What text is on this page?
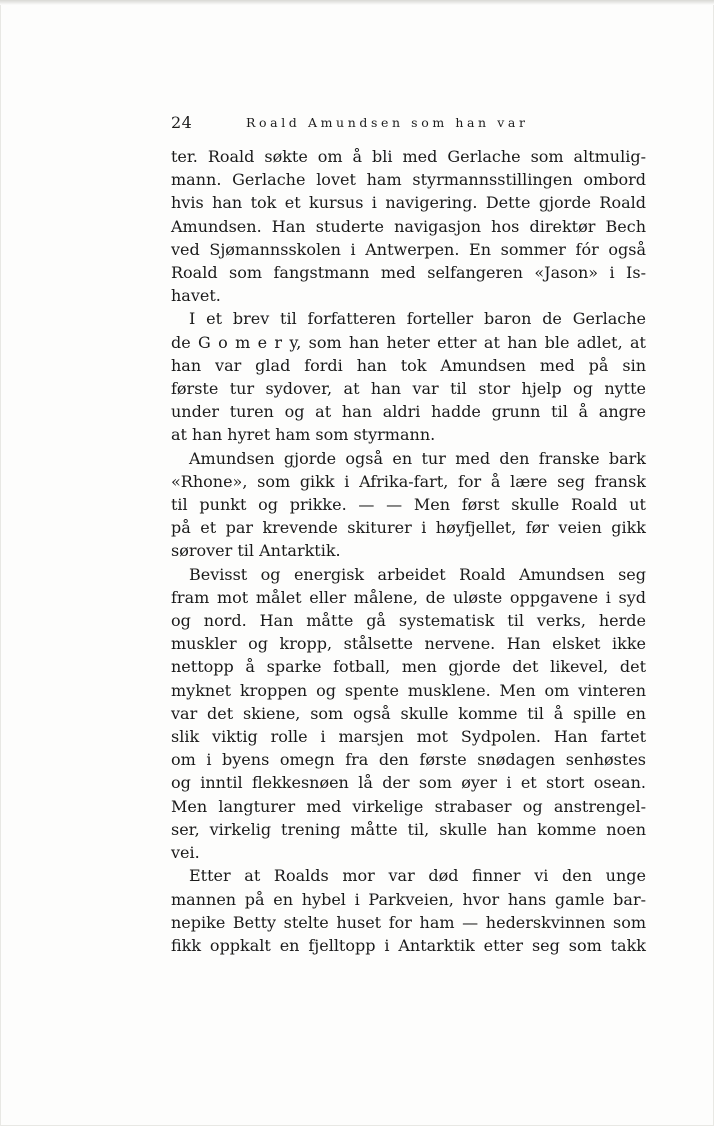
24	Roald Amundsen som han var

ter. Roald søkte om å bli med Gerlache som altmulig-
mann. Gerlache lovet ham styrmannsstillingen ombord
hvis han tok et kursus i navigering. Dette gjorde Roald
Amundsen. Han studerte navigasjon hos direktør Bech
ved Sjømannsskolen i Antwerpen. En sommer fór også
Roald som fangstmann med selfangeren «Jason» i Is-
havet.

I et brev til forfatteren forteller baron de Gerlache
de G o m e r y, som han heter etter at han ble adlet, at
han var glad fordi han tok Amundsen med på sin
første tur sydover, at han var til stor hjelp og nytte
under turen og at han aldri hadde grunn til å angre
at han hyret ham som styrmann.

Amundsen gjorde også en tur med den franske bark
«Rhone», som gikk i Afrika-fart, for å lære seg fransk
til punkt og prikke. — — Men først skulle Roald ut
på et par krevende skiturer i høyfjellet, før veien gikk
sørover til Antarktik.

Bevisst og energisk arbeidet Roald Amundsen seg
fram mot målet eller målene, de uløste oppgavene i syd
og nord. Han måtte gå systematisk til verks, herde
muskler og kropp, stålsette nervene. Han elsket ikke
nettopp å sparke fotball, men gjorde det likevel, det
myknet kroppen og spente musklene. Men om vinteren
var det skiene, som også skulle komme til å spille en
slik viktig rolle i marsjen mot Sydpolen. Han fartet
om i byens omegn fra den første snødagen senhøstes
og inntil flekkesnøen lå der som øyer i et stort osean.
Men langturer med virkelige strabaser og anstrengel-
ser, virkelig trening måtte til, skulle han komme noen
vei.

Etter at Roalds mor var død finner vi den unge
mannen på en hybel i Parkveien, hvor hans gamle bar-
nepike Betty stelte huset for ham — hederskvinnen som
fikk oppkalt en fjelltopp i Antarktik etter seg som takk
